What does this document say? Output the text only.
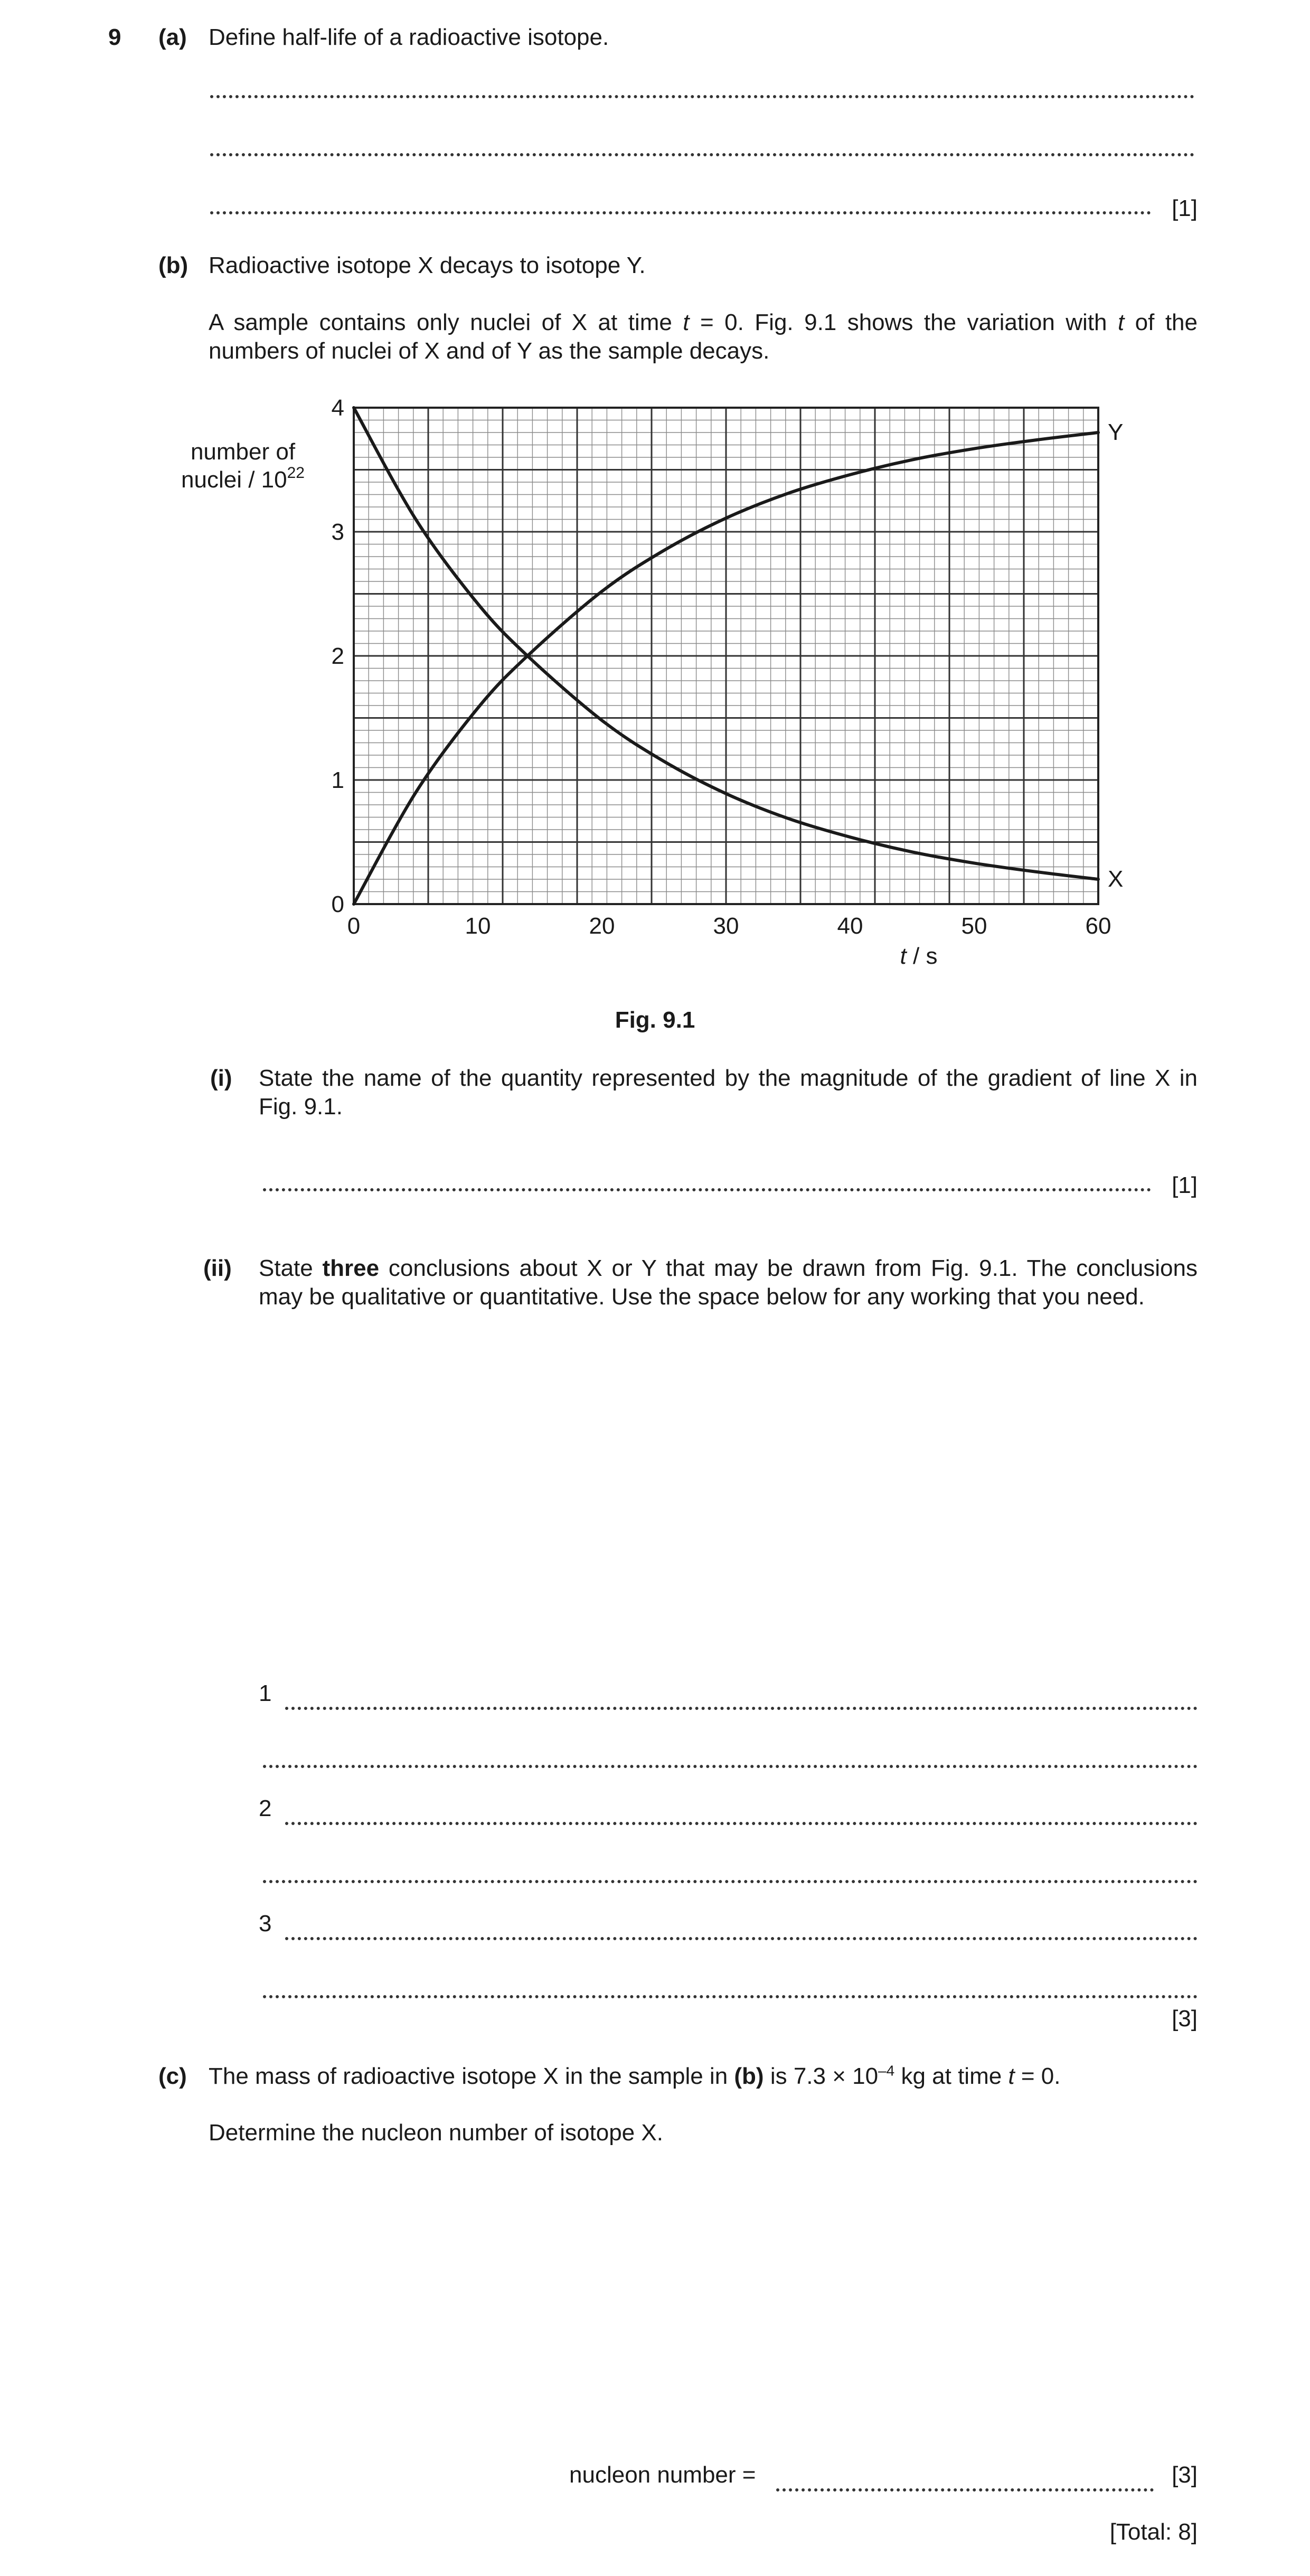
9 (a) Define half-life of a radioactive isotope.
[1]
(b) Radioactive isotope X decays to isotope Y.
A sample contains only nuclei of X at time t = 0. Fig. 9.1 shows the variation with t of the numbers of nuclei of X and of Y as the sample decays.
number of
nuclei / $10^{22}$
0	10	20	30	40	50	60
0
1
2
3
4
X
Y
t / s
Fig. 9.1
(i) State the name of the quantity represented by the magnitude of the gradient of line X in Fig. 9.1.
[1]
(ii) State three conclusions about X or Y that may be drawn from Fig. 9.1. The conclusions may be qualitative or quantitative. Use the space below for any working that you need.
1
2
3
[3]
(c) The mass of radioactive isotope X in the sample in (b) is $7.3 \times 10^{-4}$ kg at time t = 0.
Determine the nucleon number of isotope X.
nucleon number =	[3]
[Total: 8]
